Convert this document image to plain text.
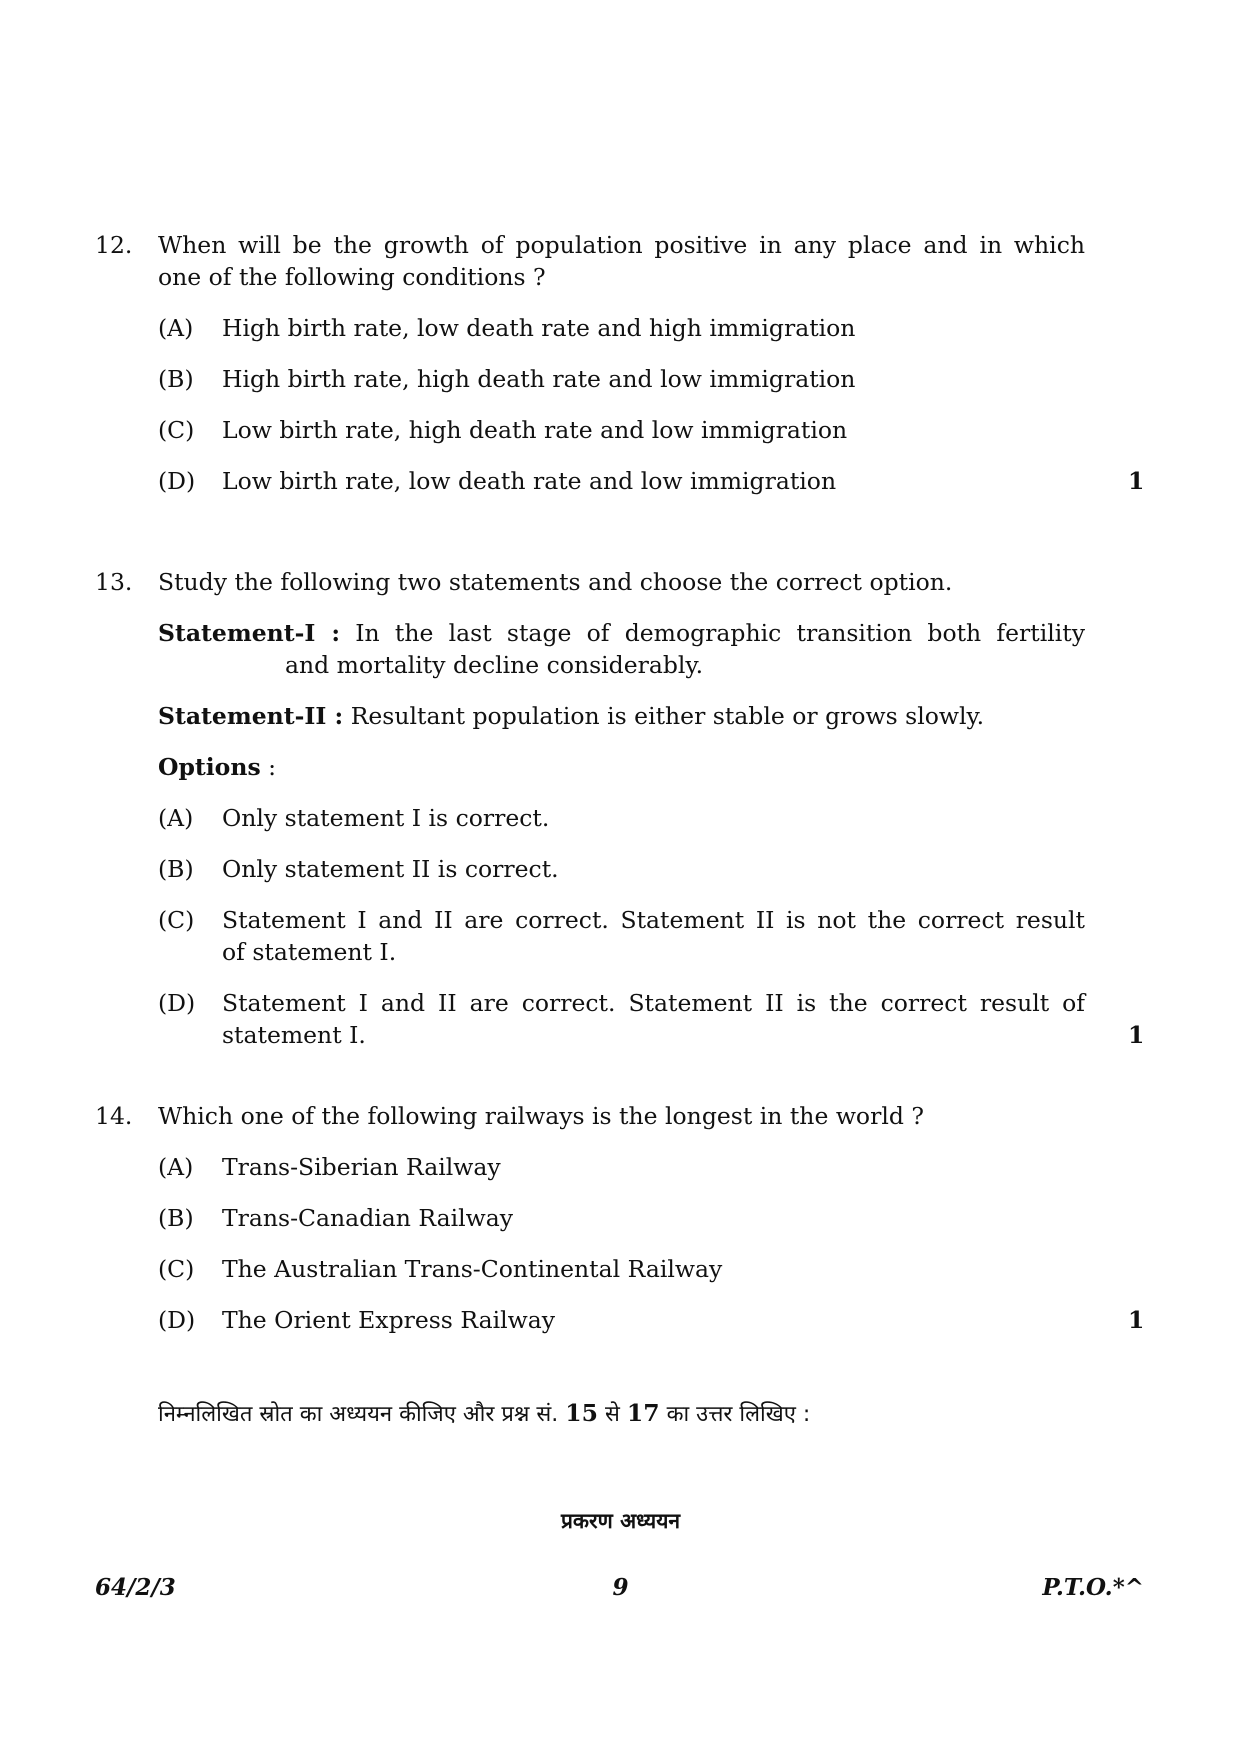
12. When will be the growth of population positive in any place and in which
one of the following conditions ?
(A) High birth rate, low death rate and high immigration
(B) High birth rate, high death rate and low immigration
(C) Low birth rate, high death rate and low immigration
(D) Low birth rate, low death rate and low immigration	1
13. Study the following two statements and choose the correct option.
Statement-I : In the last stage of demographic transition both fertility
and mortality decline considerably.
Statement-II : Resultant population is either stable or grows slowly.
Options :
(A) Only statement I is correct.
(B) Only statement II is correct.
(C) Statement I and II are correct. Statement II is not the correct result
of statement I.
(D) Statement I and II are correct. Statement II is the correct result of
statement I.	1
14. Which one of the following railways is the longest in the world ?
(A) Trans-Siberian Railway
(B) Trans-Canadian Railway
(C) The Australian Trans-Continental Railway
(D) The Orient Express Railway	1
निम्नलिखित स्रोत का अध्ययन कीजिए और प्रश्न सं. 15 से 17 का उत्तर लिखिए :
प्रकरण अध्ययन
64/2/3	9	P.T.O.*^
